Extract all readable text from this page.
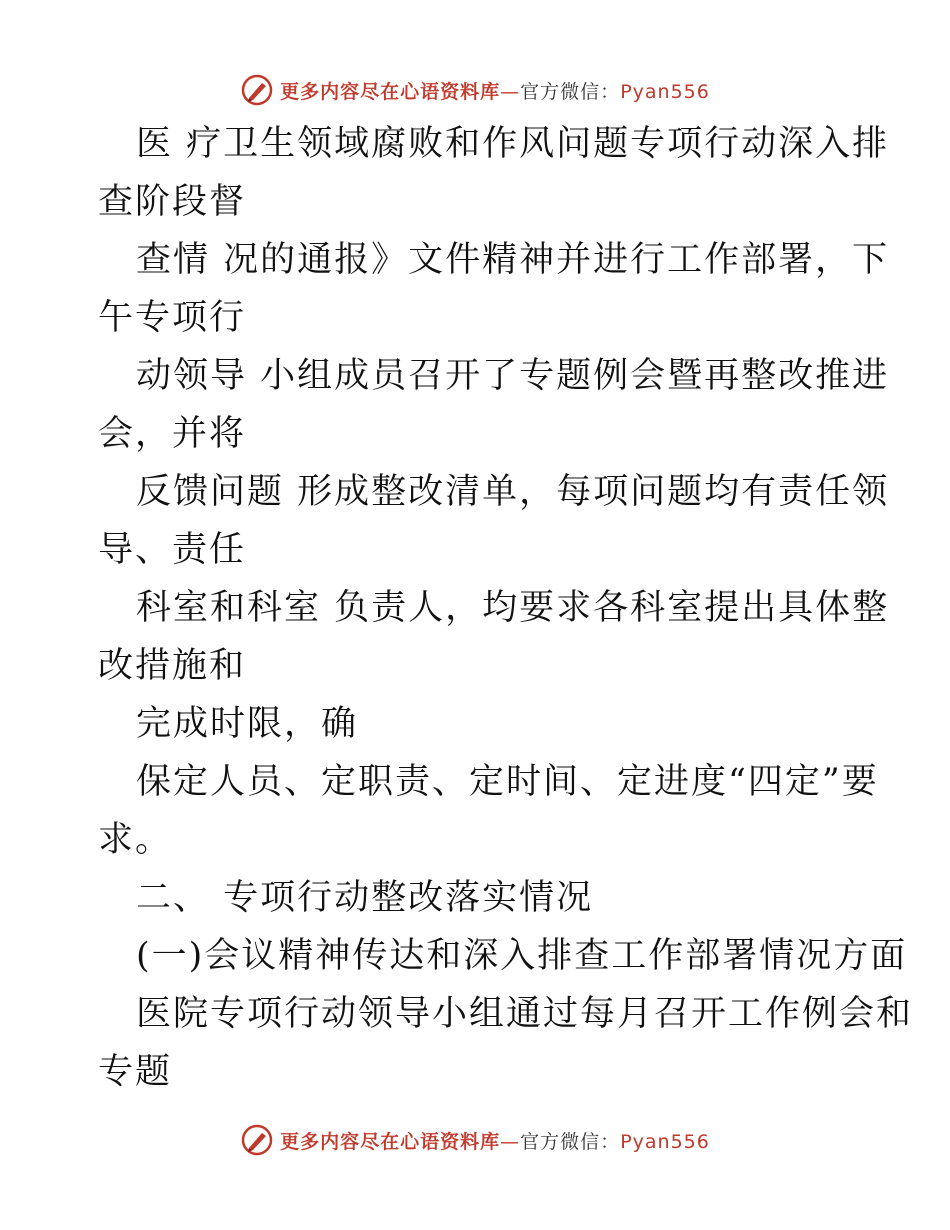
更多内容尽在心语资料库—官方微信：Pyan556
医 疗卫生领域腐败和作风问题专项行动深入排
查阶段督
查情 况的通报》文件精神并进行工作部署，下
午专项行
动领导 小组成员召开了专题例会暨再整改推进
会，并将
反馈问题 形成整改清单，每项问题均有责任领
导、责任
科室和科室 负责人，均要求各科室提出具体整
改措施和
完成时限，确
保定人员、定职责、定时间、定进度“四定”要
求。
二、 专项行动整改落实情况
(一)会议精神传达和深入排查工作部署情况方面
医院专项行动领导小组通过每月召开工作例会和
专题
更多内容尽在心语资料库—官方微信：Pyan556
